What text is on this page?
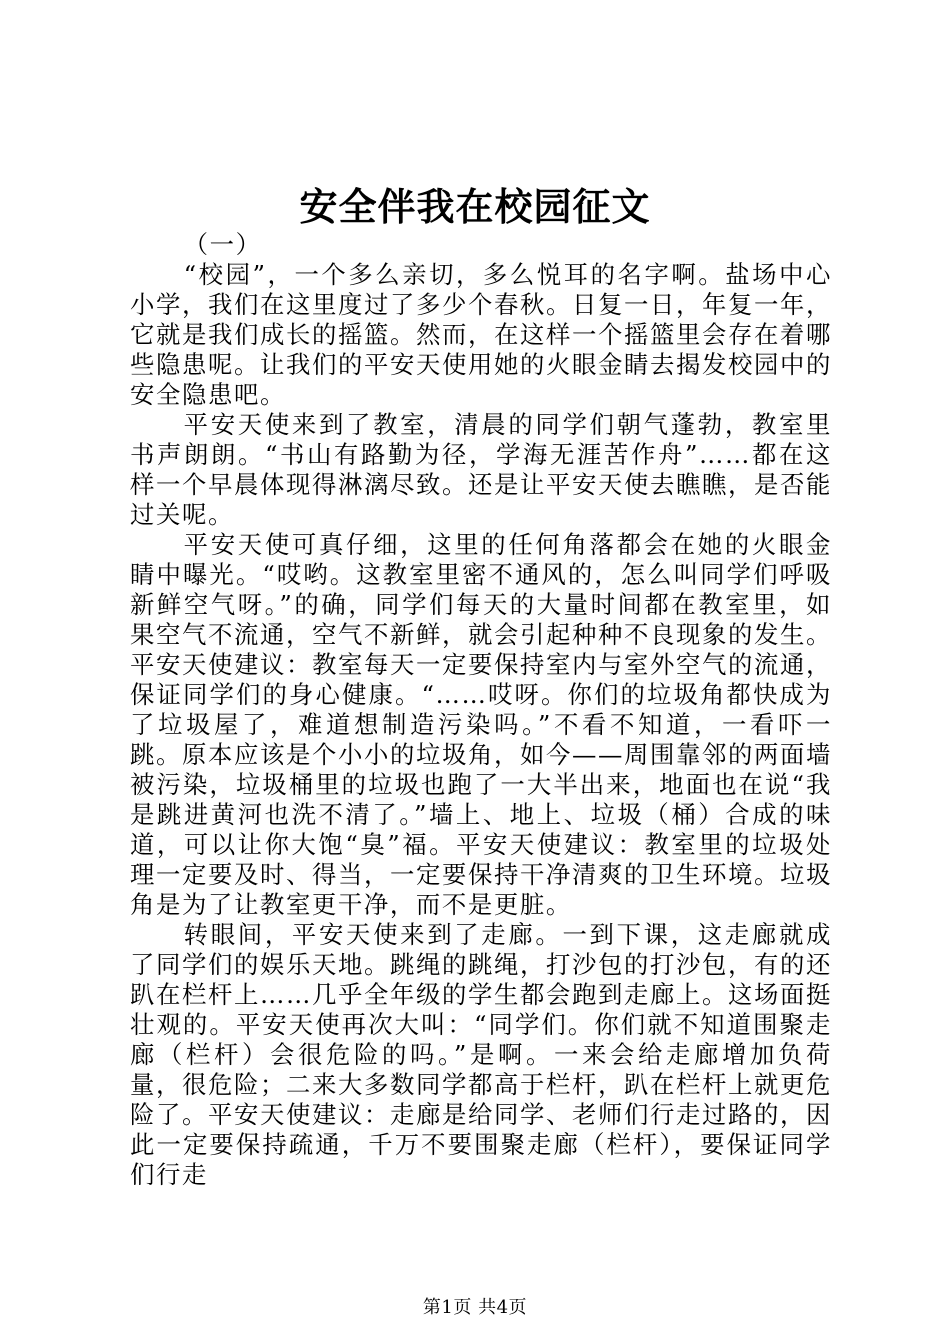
安全伴我在校园征文

（一）

“校园”，一个多么亲切，多么悦耳的名字啊。盐场中心小学，我们在这里度过了多少个春秋。日复一日，年复一年，它就是我们成长的摇篮。然而，在这样一个摇篮里会存在着哪些隐患呢。让我们的平安天使用她的火眼金睛去揭发校园中的安全隐患吧。

平安天使来到了教室，清晨的同学们朝气蓬勃，教室里书声朗朗。“书山有路勤为径，学海无涯苦作舟”……都在这样一个早晨体现得淋漓尽致。还是让平安天使去瞧瞧，是否能过关呢。

平安天使可真仔细，这里的任何角落都会在她的火眼金睛中曝光。“哎哟。这教室里密不通风的，怎么叫同学们呼吸新鲜空气呀。”的确，同学们每天的大量时间都在教室里，如果空气不流通，空气不新鲜，就会引起种种不良现象的发生。平安天使建议：教室每天一定要保持室内与室外空气的流通，保证同学们的身心健康。“……哎呀。你们的垃圾角都快成为了垃圾屋了，难道想制造污染吗。”不看不知道，一看吓一跳。原本应该是个小小的垃圾角，如今——周围靠邻的两面墙被污染，垃圾桶里的垃圾也跑了一大半出来，地面也在说“我是跳进黄河也洗不清了。”墙上、地上、垃圾（桶）合成的味道，可以让你大饱“臭”福。平安天使建议：教室里的垃圾处理一定要及时、得当，一定要保持干净清爽的卫生环境。垃圾角是为了让教室更干净，而不是更脏。

转眼间，平安天使来到了走廊。一到下课，这走廊就成了同学们的娱乐天地。跳绳的跳绳，打沙包的打沙包，有的还趴在栏杆上……几乎全年级的学生都会跑到走廊上。这场面挺壮观的。平安天使再次大叫：“同学们。你们就不知道围聚走廊（栏杆）会很危险的吗。”是啊。一来会给走廊增加负荷量，很危险；二来大多数同学都高于栏杆，趴在栏杆上就更危险了。平安天使建议：走廊是给同学、老师们行走过路的，因此一定要保持疏通，千万不要围聚走廊（栏杆），要保证同学们行走

第1页 共4页
